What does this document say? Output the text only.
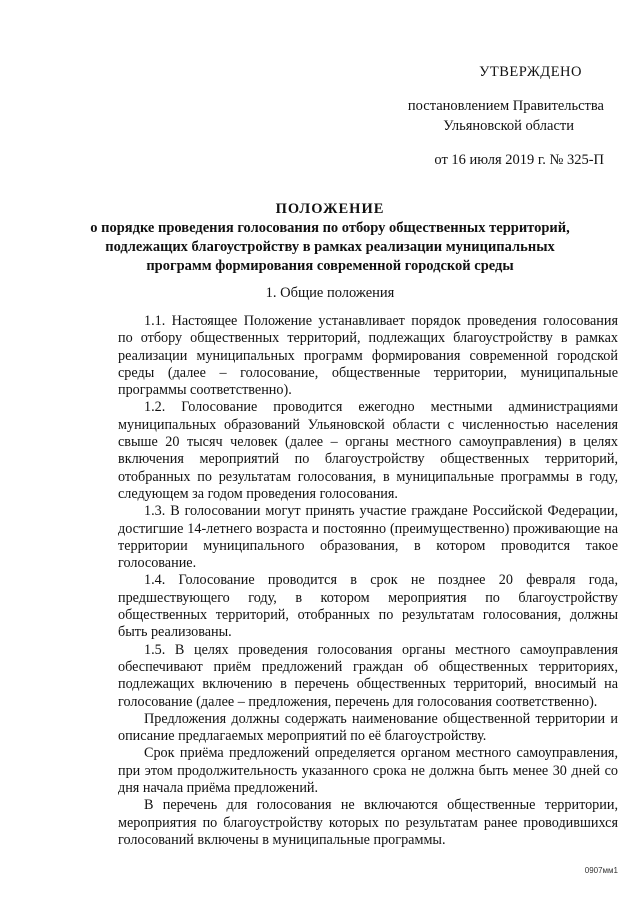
УТВЕРЖДЕНО
постановлением Правительства
Ульяновской области
от 16 июля 2019 г. № 325-П
ПОЛОЖЕНИЕ
о порядке проведения голосования по отбору общественных территорий,
подлежащих благоустройству в рамках реализации муниципальных
программ формирования современной городской среды
1. Общие положения

1.1. Настоящее Положение устанавливает порядок проведения голосования по отбору общественных территорий, подлежащих благоустройству в рамках реализации муниципальных программ формирования современной городской среды (далее – голосование, общественные территории, муниципальные программы соответственно).

1.2. Голосование проводится ежегодно местными администрациями муниципальных образований Ульяновской области с численностью населения свыше 20 тысяч человек (далее – органы местного самоуправления) в целях включения мероприятий по благоустройству общественных территорий, отобранных по результатам голосования, в муниципальные программы в году, следующем за годом проведения голосования.

1.3. В голосовании могут принять участие граждане Российской Федерации, достигшие 14-летнего возраста и постоянно (преимущественно) проживающие на территории муниципального образования, в котором проводится такое голосование.

1.4. Голосование проводится в срок не позднее 20 февраля года, предшествующего году, в котором мероприятия по благоустройству общественных территорий, отобранных по результатам голосования, должны быть реализованы.

1.5. В целях проведения голосования органы местного самоуправления обеспечивают приём предложений граждан об общественных территориях, подлежащих включению в перечень общественных территорий, вносимый на голосование (далее – предложения, перечень для голосования соответственно).

Предложения должны содержать наименование общественной территории и описание предлагаемых мероприятий по её благоустройству.

Срок приёма предложений определяется органом местного самоуправления, при этом продолжительность указанного срока не должна быть менее 30 дней со дня начала приёма предложений.

В перечень для голосования не включаются общественные территории, мероприятия по благоустройству которых по результатам ранее проводившихся голосований включены в муниципальные программы.

0907мм1
